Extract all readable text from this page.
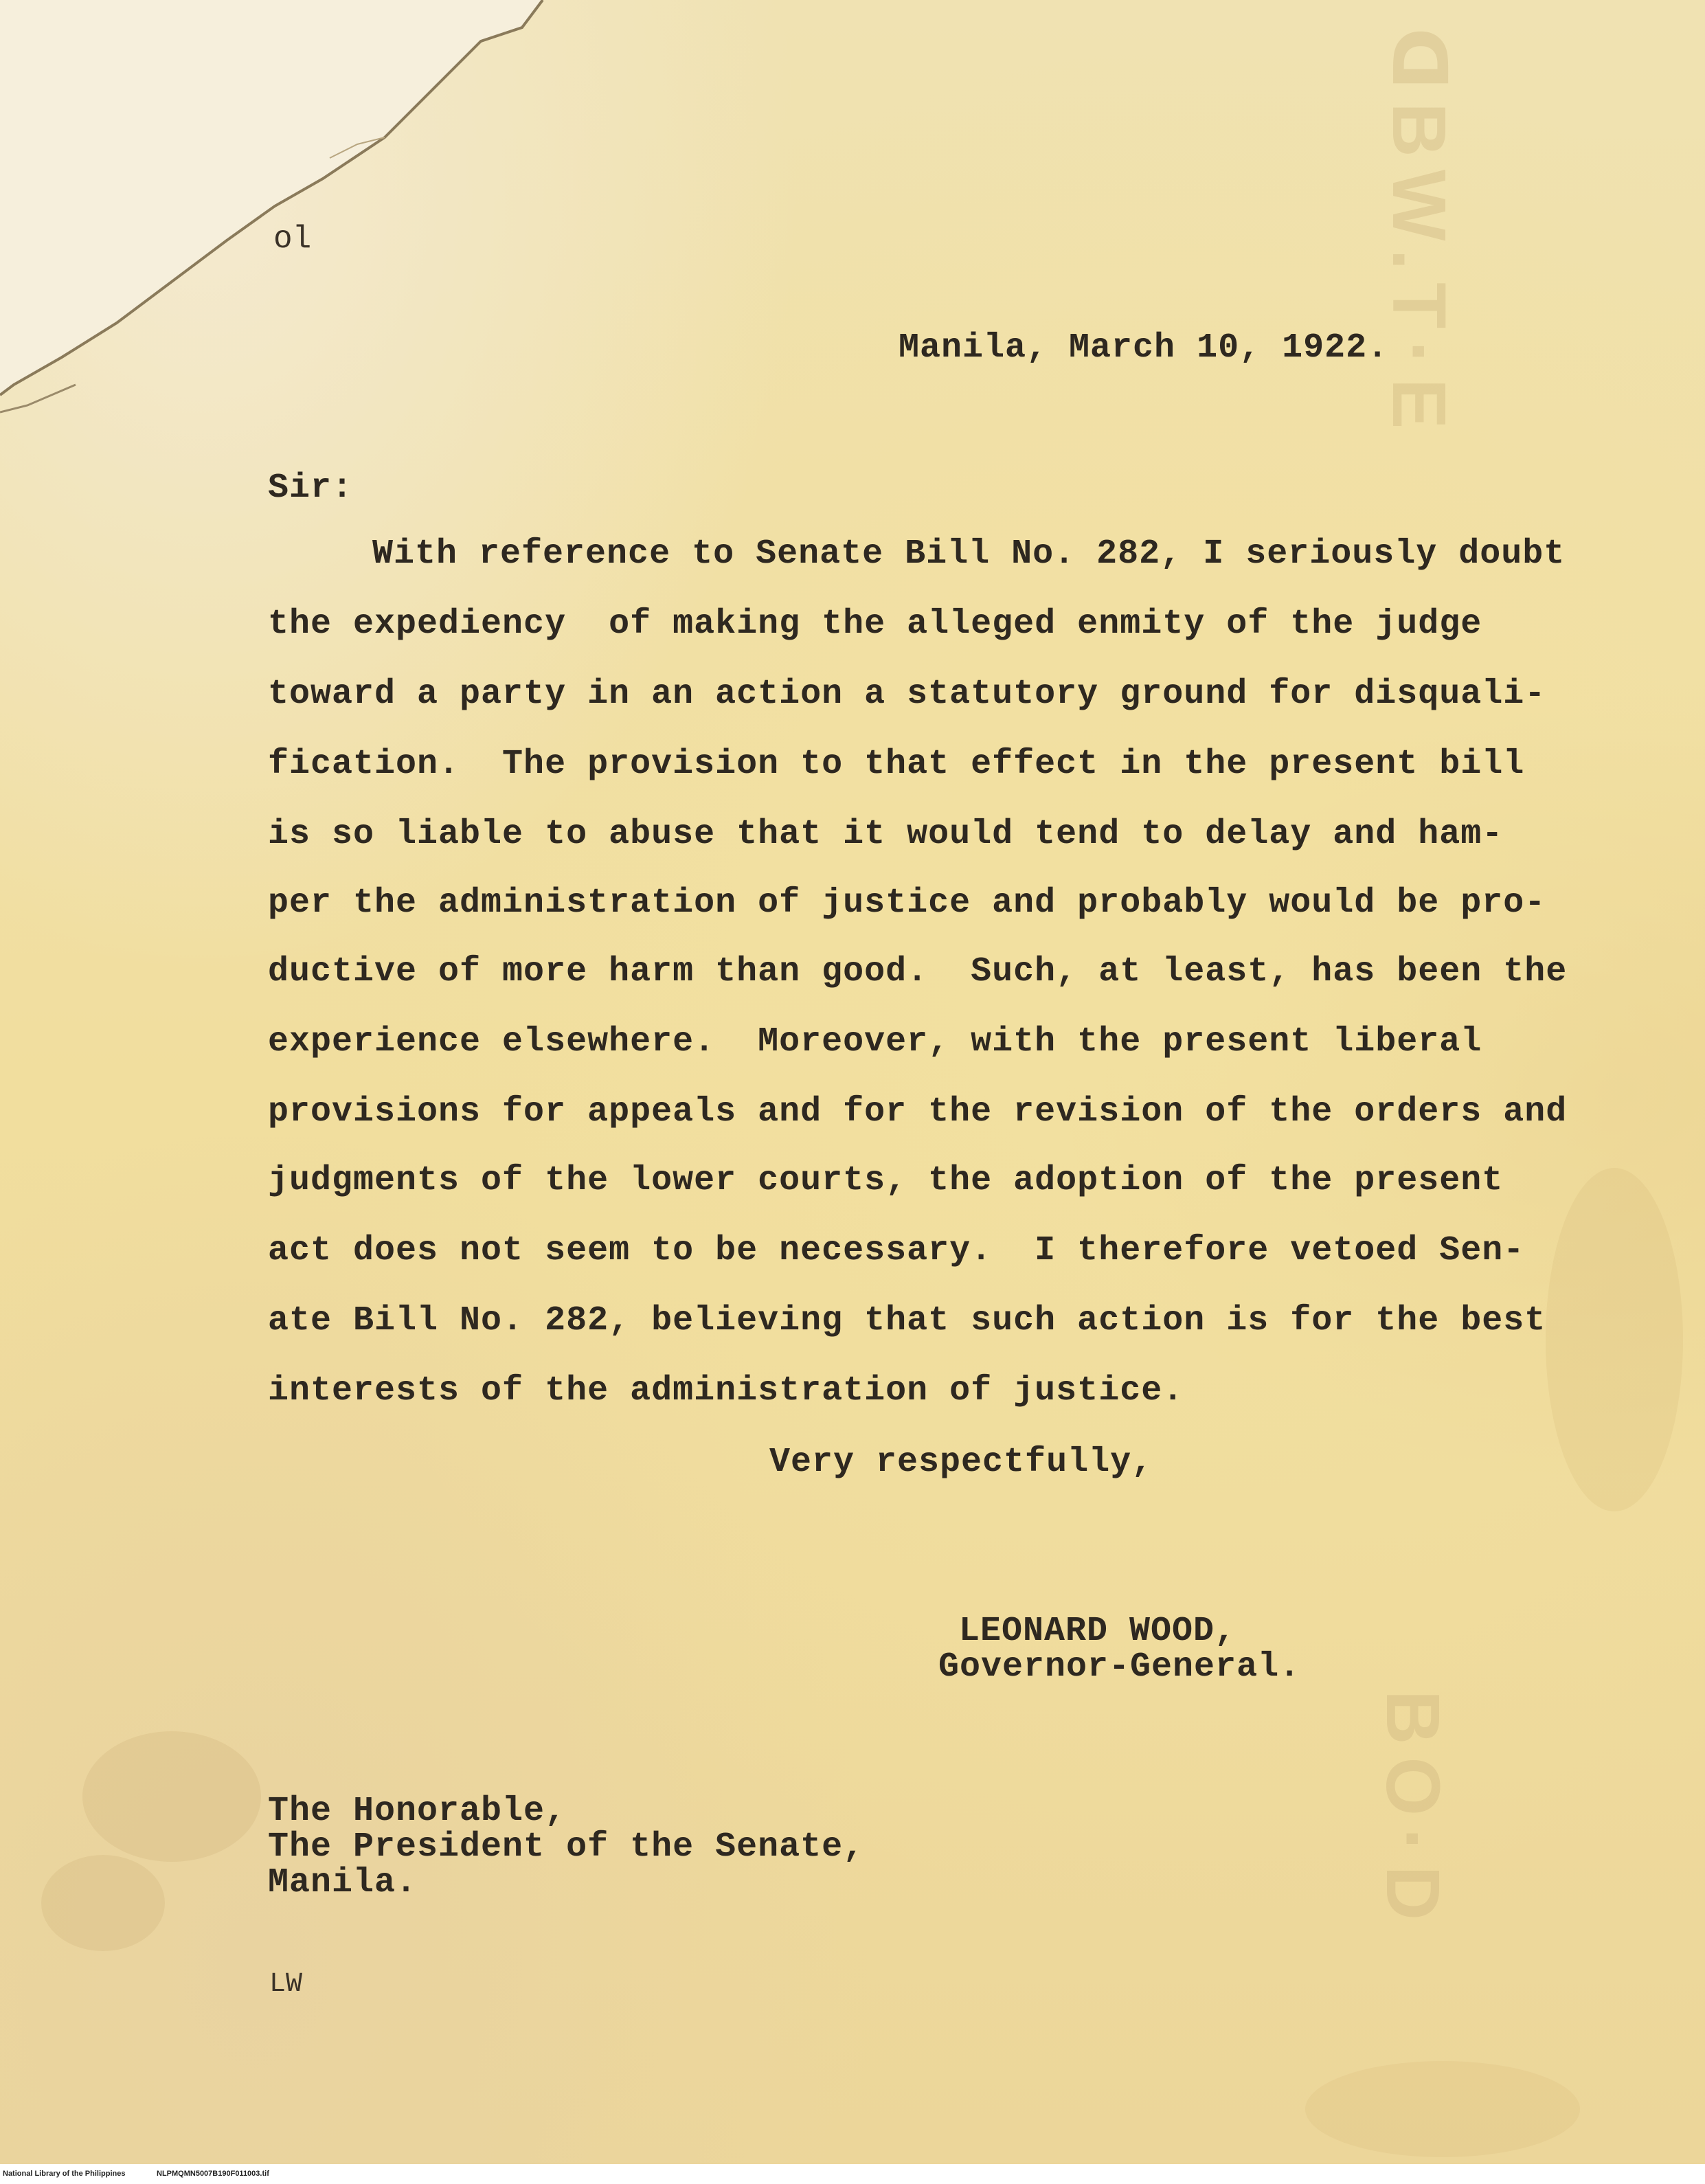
ᗡBW.T·E
BO·D
ol
Manila, March 10, 1922.
Sir:
With reference to Senate Bill No. 282, I seriously doubt
the expediency  of making the alleged enmity of the judge
toward a party in an action a statutory ground for disquali-
fication.  The provision to that effect in the present bill
is so liable to abuse that it would tend to delay and ham-
per the administration of justice and probably would be pro-
ductive of more harm than good.  Such, at least, has been the
experience elsewhere.  Moreover, with the present liberal
provisions for appeals and for the revision of the orders and
judgments of the lower courts, the adoption of the present
act does not seem to be necessary.  I therefore vetoed Sen-
ate Bill No. 282, believing that such action is for the best
interests of the administration of justice.
Very respectfully,
LEONARD WOOD,
Governor-General.
The Honorable,
The President of the Senate,
Manila.
LW
National Library of the Philippines	NLPMQMN5007B190F011003.tif
